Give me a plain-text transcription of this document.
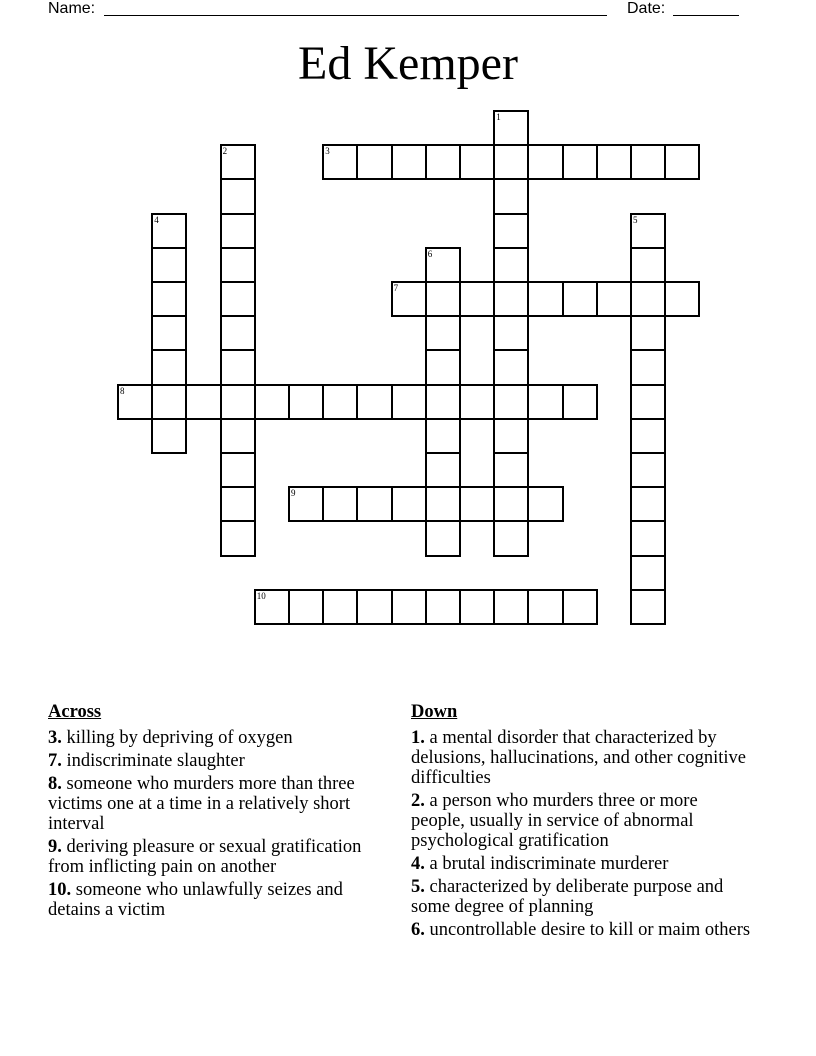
Name:	Date:
Ed Kemper
1
2	3
4	5
6
7
8
9
10
Across
3. killing by depriving of oxygen
7. indiscriminate slaughter
8. someone who murders more than three victims one at a time in a relatively short interval
9. deriving pleasure or sexual gratification from inflicting pain on another
10. someone who unlawfully seizes and detains a victim
Down
1. a mental disorder that characterized by delusions, hallucinations, and other cognitive difficulties
2. a person who murders three or more people, usually in service of abnormal psychological gratification
4. a brutal indiscriminate murderer
5. characterized by deliberate purpose and some degree of planning
6. uncontrollable desire to kill or maim others
